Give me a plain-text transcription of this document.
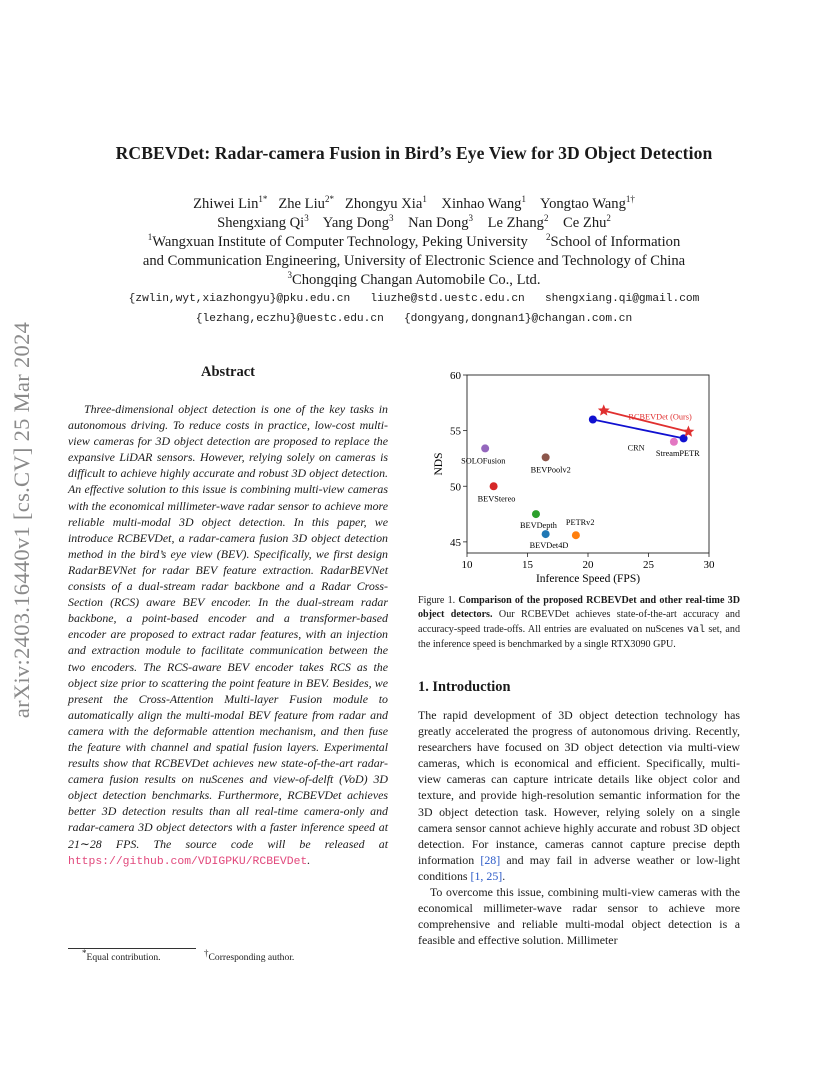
arXiv:2403.16440v1 [cs.CV] 25 Mar 2024
RCBEVDet: Radar-camera Fusion in Bird’s Eye View for 3D Object Detection
Zhiwei Lin$^{1*}$ Zhe Liu$^{2*}$ Zhongyu Xia$^1$ Xinhao Wang$^1$ Yongtao Wang$^{1\dagger}$
Shengxiang Qi$^3$ Yang Dong$^3$ Nan Dong$^3$ Le Zhang$^2$ Ce Zhu$^2$
$^1$Wangxuan Institute of Computer Technology, Peking University $^2$School of Information
and Communication Engineering, University of Electronic Science and Technology of China
$^3$Chongqing Changan Automobile Co., Ltd.
{zwlin,wyt,xiazhongyu}@pku.edu.cn liuzhe@std.uestc.edu.cn shengxiang.qi@gmail.com
{lezhang,eczhu}@uestc.edu.cn {dongyang,dongnan1}@changan.com.cn
Abstract

Three-dimensional object detection is one of the key tasks in autonomous driving. To reduce costs in practice, low-cost multi-view cameras for 3D object detection are proposed to replace the expansive LiDAR sensors. However, relying solely on cameras is difficult to achieve highly accurate and robust 3D object detection. An effective solution to this issue is combining multi-view cameras with the economical millimeter-wave radar sensor to achieve more reliable multi-modal 3D object detection. In this paper, we introduce RCBEVDet, a radar-camera fusion 3D object detection method in the bird’s eye view (BEV). Specifically, we first design RadarBEVNet for radar BEV feature extraction. RadarBEVNet consists of a dual-stream radar backbone and a Radar Cross-Section (RCS) aware BEV encoder. In the dual-stream radar backbone, a point-based encoder and a transformer-based encoder are proposed to extract radar features, with an injection and extraction module to facilitate communication between the two encoders. The RCS-aware BEV encoder takes RCS as the object size prior to scattering the point feature in BEV. Besides, we present the Cross-Attention Multi-layer Fusion module to automatically align the multi-modal BEV feature from radar and camera with the deformable attention mechanism, and then fuse the feature with channel and spatial fusion layers. Experimental results show that RCBEVDet achieves new state-of-the-art radar-camera fusion results on nuScenes and view-of-delft (VoD) 3D object detection benchmarks. Furthermore, RCBEVDet achieves better 3D detection results than all real-time camera-only and radar-camera 3D object detectors with a faster inference speed at 21∼28 FPS. The source code will be released at https://github.com/VDIGPKU/RCBEVDet.

*Equal contribution.	†Corresponding author.
10	15	20	25	30
45
50
55
60
Inference Speed (FPS)
NDS SOLOFusion
BEVPoolv2
BEVStereo
BEVDepth
BEVDet4D
PETRv2
StreamPETR
CRN
RCBEVDet (Ours)
Figure 1. Comparison of the proposed RCBEVDet and other real-time 3D object detectors. Our RCBEVDet achieves state-of-the-art accuracy and accuracy-speed trade-offs. All entries are evaluated on nuScenes val set, and the inference speed is benchmarked by a single RTX3090 GPU.
1. Introduction

The rapid development of 3D object detection technology has greatly accelerated the progress of autonomous driving. Recently, researchers have focused on 3D object detection via multi-view cameras, which is economical and efficient. Specifically, multi-view cameras can capture intricate details like object color and texture, and provide high-resolution semantic information for the 3D object detection task. However, relying solely on a single camera sensor cannot achieve highly accurate and robust 3D object detection. For instance, cameras cannot capture precise depth information [28] and may fail in adverse weather or low-light conditions [1, 25].

To overcome this issue, combining multi-view cameras with the economical millimeter-wave radar sensor to achieve more comprehensive and reliable multi-modal object detection is a feasible and effective solution. Millimeter
